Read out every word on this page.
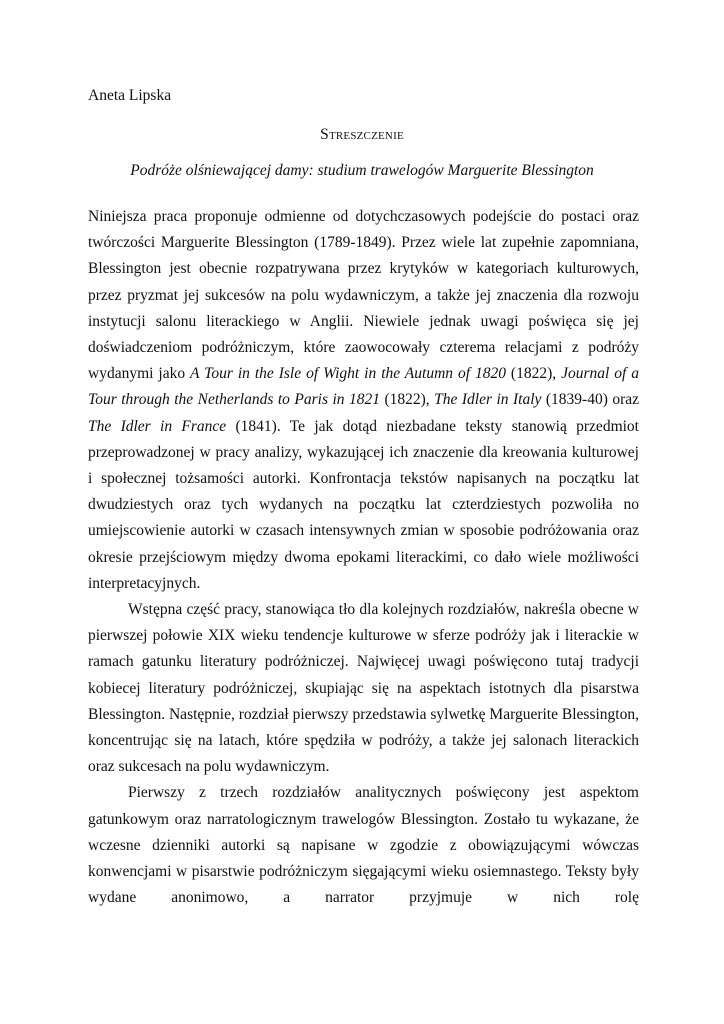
Aneta Lipska
Streszczenie
Podróże olśniewającej damy: studium trawelogów Marguerite Blessington

Niniejsza praca proponuje odmienne od dotychczasowych podejście do postaci oraz twórczości Marguerite Blessington (1789-1849). Przez wiele lat zupełnie zapomniana, Blessington jest obecnie rozpatrywana przez krytyków w kategoriach kulturowych, przez pryzmat jej sukcesów na polu wydawniczym, a także jej znaczenia dla rozwoju instytucji salonu literackiego w Anglii. Niewiele jednak uwagi poświęca się jej doświadczeniom podróżniczym, które zaowocowały czterema relacjami z podróży wydanymi jako A Tour in the Isle of Wight in the Autumn of 1820 (1822), Journal of a Tour through the Netherlands to Paris in 1821 (1822), The Idler in Italy (1839-40) oraz The Idler in France (1841). Te jak dotąd niezbadane teksty stanowią przedmiot przeprowadzonej w pracy analizy, wykazującej ich znaczenie dla kreowania kulturowej i społecznej tożsamości autorki. Konfrontacja tekstów napisanych na początku lat dwudziestych oraz tych wydanych na początku lat czterdziestych pozwoliła no umiejscowienie autorki w czasach intensywnych zmian w sposobie podróżowania oraz okresie przejściowym między dwoma epokami literackimi, co dało wiele możliwości interpretacyjnych.

Wstępna część pracy, stanowiąca tło dla kolejnych rozdziałów, nakreśla obecne w pierwszej połowie XIX wieku tendencje kulturowe w sferze podróży jak i literackie w ramach gatunku literatury podróżniczej. Najwięcej uwagi poświęcono tutaj tradycji kobiecej literatury podróżniczej, skupiając się na aspektach istotnych dla pisarstwa Blessington. Następnie, rozdział pierwszy przedstawia sylwetkę Marguerite Blessington, koncentrując się na latach, które spędziła w podróży, a także jej salonach literackich oraz sukcesach na polu wydawniczym.

Pierwszy z trzech rozdziałów analitycznych poświęcony jest aspektom gatunkowym oraz narratologicznym trawelogów Blessington. Zostało tu wykazane, że wczesne dzienniki autorki są napisane w zgodzie z obowiązującymi wówczas konwencjami w pisarstwie podróżniczym sięgającymi wieku osiemnastego. Teksty były wydane anonimowo, a narrator przyjmuje w nich rolę
